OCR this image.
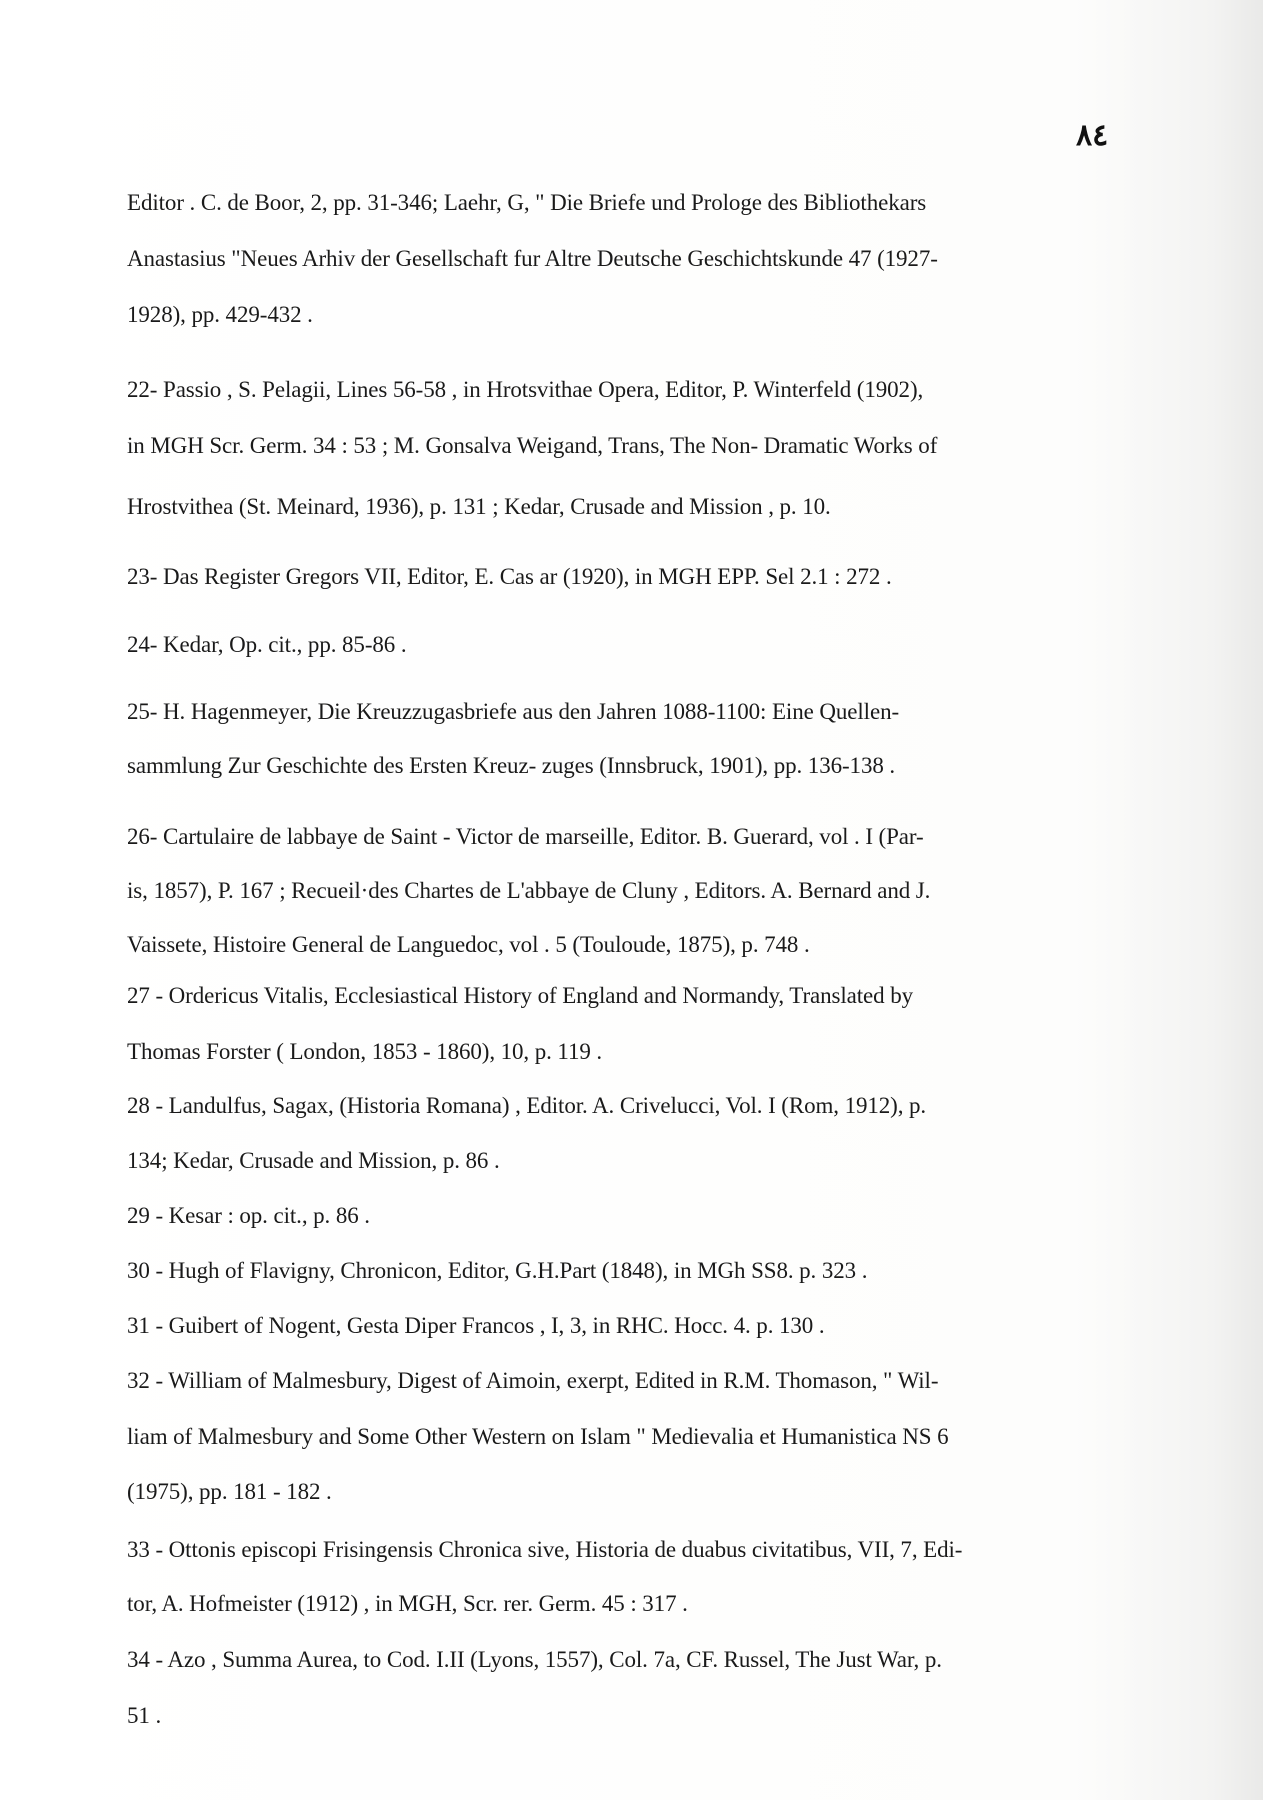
٨٤
Editor . C. de Boor, 2, pp. 31-346; Laehr, G, " Die Briefe und Prologe des Bibliothekars
Anastasius "Neues Arhiv der Gesellschaft fur Altre Deutsche Geschichtskunde 47 (1927-
1928), pp. 429-432 .
22- Passio , S. Pelagii, Lines 56-58 , in Hrotsvithae Opera, Editor, P. Winterfeld (1902),
in MGH Scr. Germ. 34 : 53 ; M. Gonsalva Weigand, Trans, The Non- Dramatic Works of
Hrostvithea (St. Meinard, 1936), p. 131 ; Kedar, Crusade and Mission , p. 10.
23- Das Register Gregors VII, Editor, E. Cas ar (1920), in MGH EPP. Sel 2.1 : 272 .
24- Kedar, Op. cit., pp. 85-86 .
25- H. Hagenmeyer, Die Kreuzzugasbriefe aus den Jahren 1088-1100: Eine Quellen-
sammlung Zur Geschichte des Ersten Kreuz- zuges (Innsbruck, 1901), pp. 136-138 .
26- Cartulaire de labbaye de Saint - Victor de marseille, Editor. B. Guerard, vol . I (Par-
is, 1857), P. 167 ; Recueil·des Chartes de L'abbaye de Cluny , Editors. A. Bernard and J.
Vaissete, Histoire General de Languedoc, vol . 5 (Touloude, 1875), p. 748 .
27 - Ordericus Vitalis, Ecclesiastical History of England and Normandy, Translated by
Thomas Forster ( London, 1853 - 1860), 10, p. 119 .
28 - Landulfus, Sagax, (Historia Romana) , Editor. A. Crivelucci, Vol. I (Rom, 1912), p.
134; Kedar, Crusade and Mission, p. 86 .
29 - Kesar : op. cit., p. 86 .
30 - Hugh of Flavigny, Chronicon, Editor, G.H.Part (1848), in MGh SS8. p. 323 .
31 - Guibert of Nogent, Gesta Diper Francos , I, 3, in RHC. Hocc. 4. p. 130 .
32 - William of Malmesbury, Digest of Aimoin, exerpt, Edited in R.M. Thomason, " Wil-
liam of Malmesbury and Some Other Western on Islam " Medievalia et Humanistica NS 6
(1975), pp. 181 - 182 .
33 - Ottonis episcopi Frisingensis Chronica sive, Historia de duabus civitatibus, VII, 7, Edi-
tor, A. Hofmeister (1912) , in MGH, Scr. rer. Germ. 45 : 317 .
34 - Azo , Summa Aurea, to Cod. I.II (Lyons, 1557), Col. 7a, CF. Russel, The Just War, p.
51 .
